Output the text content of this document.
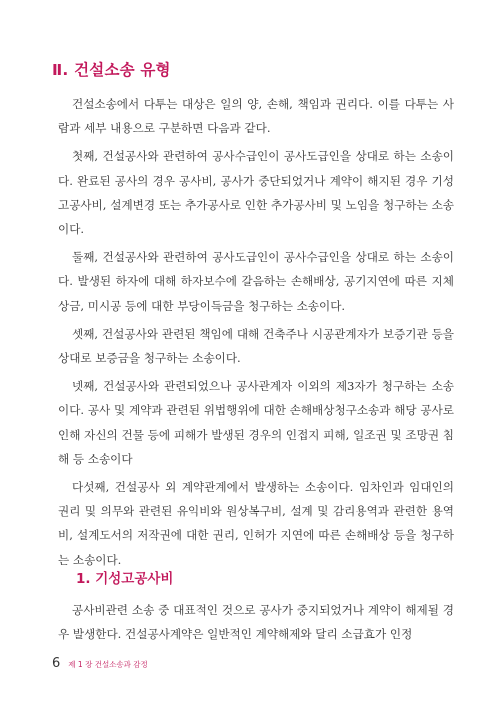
Ⅱ. 건설소송 유형

건설소송에서 다투는 대상은 일의 양, 손해, 책임과 권리다. 이를 다투는 사람과 세부 내용으로 구분하면 다음과 같다.

첫째, 건설공사와 관련하여 공사수급인이 공사도급인을 상대로 하는 소송이다. 완료된 공사의 경우 공사비, 공사가 중단되었거나 계약이 해지된 경우 기성고공사비, 설계변경 또는 추가공사로 인한 추가공사비 및 노임을 청구하는 소송이다.

둘째, 건설공사와 관련하여 공사도급인이 공사수급인을 상대로 하는 소송이다. 발생된 하자에 대해 하자보수에 갈음하는 손해배상, 공기지연에 따른 지체상금, 미시공 등에 대한 부당이득금을 청구하는 소송이다.

셋째, 건설공사와 관련된 책임에 대해 건축주나 시공관계자가 보증기관 등을 상대로 보증금을 청구하는 소송이다.

넷째, 건설공사와 관련되었으나 공사관계자 이외의 제3자가 청구하는 소송이다. 공사 및 계약과 관련된 위법행위에 대한 손해배상청구소송과 해당 공사로 인해 자신의 건물 등에 피해가 발생된 경우의 인접지 피해, 일조권 및 조망권 침해 등 소송이다

다섯째, 건설공사 외 계약관계에서 발생하는 소송이다. 임차인과 임대인의 권리 및 의무와 관련된 유익비와 원상복구비, 설계 및 감리용역과 관련한 용역비, 설계도서의 저작권에 대한 권리, 인허가 지연에 따른 손해배상 등을 청구하는 소송이다.

1. 기성고공사비

공사비관련 소송 중 대표적인 것으로 공사가 중지되었거나 계약이 해제될 경우 발생한다. 건설공사계약은 일반적인 계약해제와 달리 소급효가 인정

6 제 1 장 건설소송과 감정
